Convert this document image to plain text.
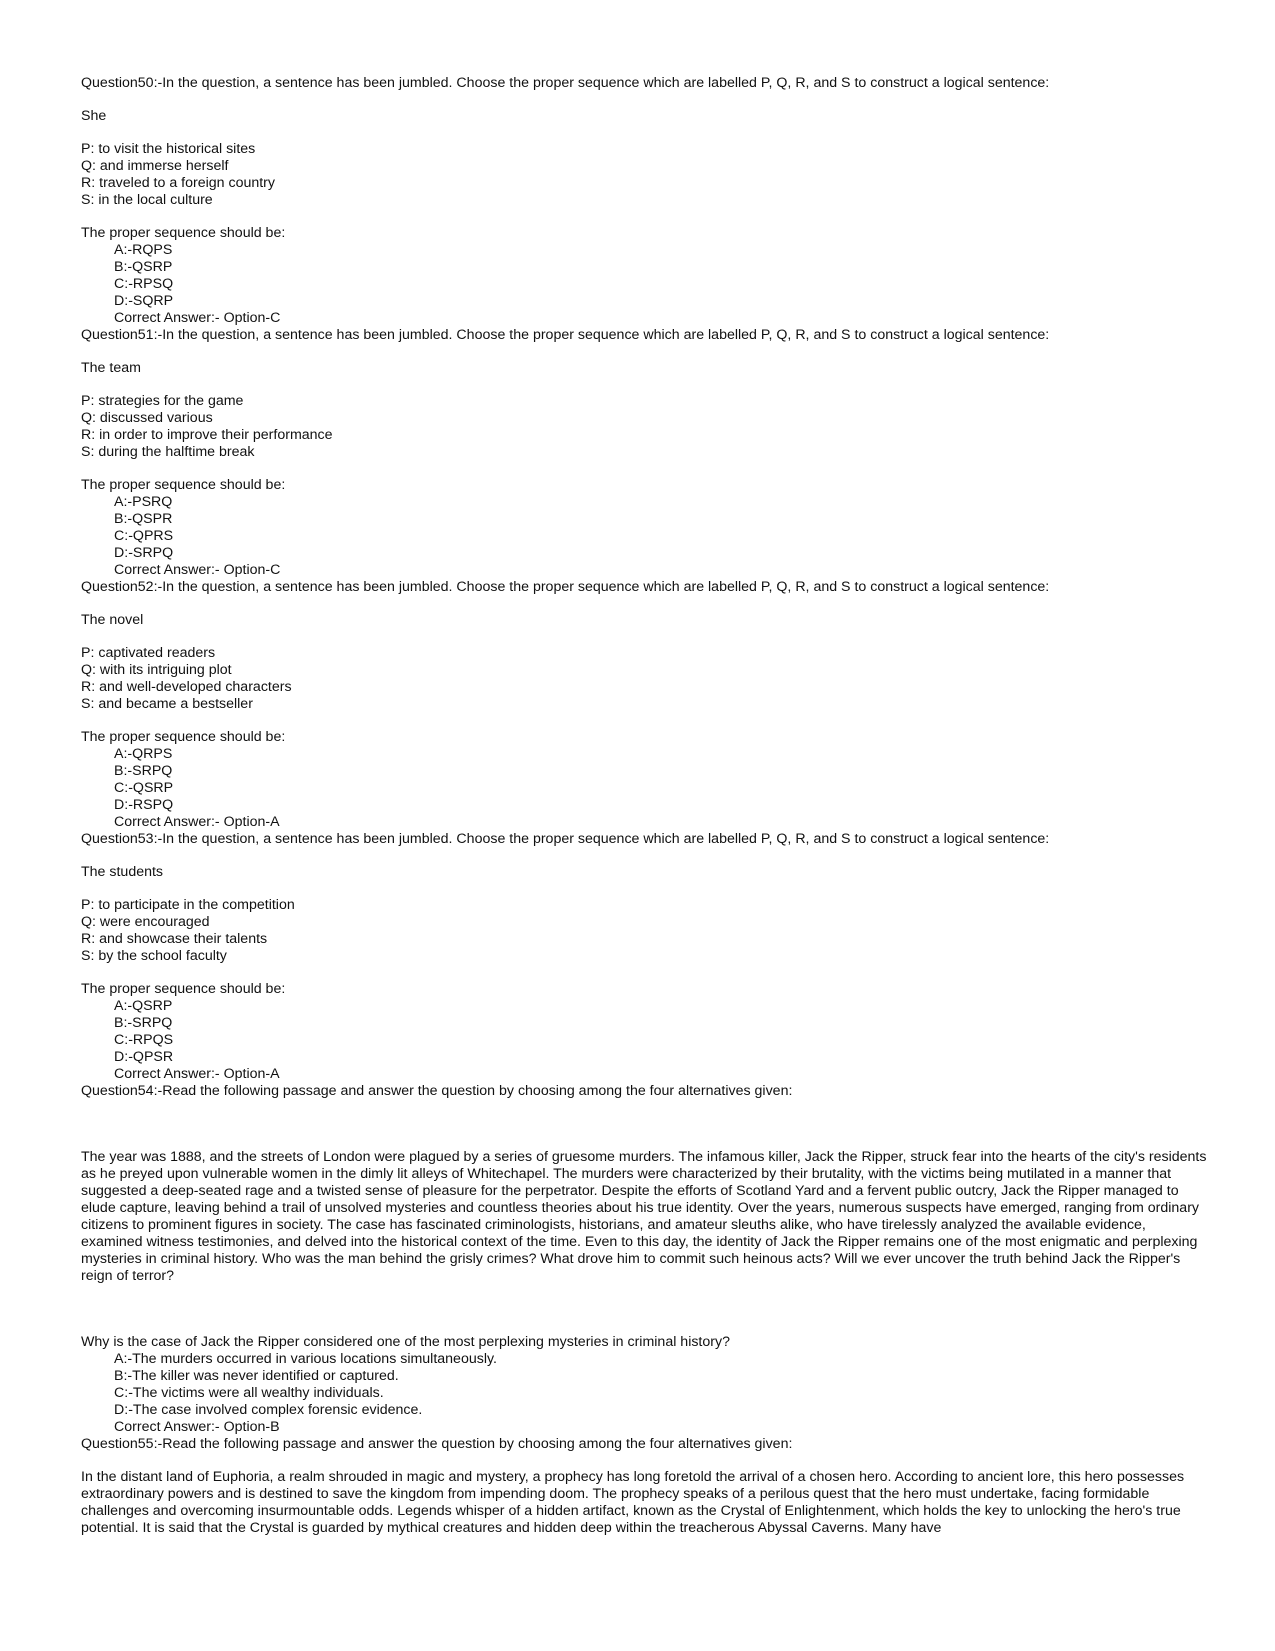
Question50:-In the question, a sentence has been jumbled. Choose the proper sequence which are labelled P, Q, R, and S to construct a logical sentence:
She
P: to visit the historical sites
Q: and immerse herself
R: traveled to a foreign country
S: in the local culture
The proper sequence should be:
A:-RQPS
B:-QSRP
C:-RPSQ
D:-SQRP
Correct Answer:- Option-C
Question51:-In the question, a sentence has been jumbled. Choose the proper sequence which are labelled P, Q, R, and S to construct a logical sentence:
The team
P: strategies for the game
Q: discussed various
R: in order to improve their performance
S: during the halftime break
The proper sequence should be:
A:-PSRQ
B:-QSPR
C:-QPRS
D:-SRPQ
Correct Answer:- Option-C
Question52:-In the question, a sentence has been jumbled. Choose the proper sequence which are labelled P, Q, R, and S to construct a logical sentence:
The novel
P: captivated readers
Q: with its intriguing plot
R: and well-developed characters
S: and became a bestseller
The proper sequence should be:
A:-QRPS
B:-SRPQ
C:-QSRP
D:-RSPQ
Correct Answer:- Option-A
Question53:-In the question, a sentence has been jumbled. Choose the proper sequence which are labelled P, Q, R, and S to construct a logical sentence:
The students
P: to participate in the competition
Q: were encouraged
R: and showcase their talents
S: by the school faculty
The proper sequence should be:
A:-QSRP
B:-SRPQ
C:-RPQS
D:-QPSR
Correct Answer:- Option-A
Question54:-Read the following passage and answer the question by choosing among the four alternatives given:
The year was 1888, and the streets of London were plagued by a series of gruesome murders. The infamous killer, Jack the Ripper, struck fear into the hearts of the city's residents as he preyed upon vulnerable women in the dimly lit alleys of Whitechapel. The murders were characterized by their brutality, with the victims being mutilated in a manner that suggested a deep-seated rage and a twisted sense of pleasure for the perpetrator. Despite the efforts of Scotland Yard and a fervent public outcry, Jack the Ripper managed to elude capture, leaving behind a trail of unsolved mysteries and countless theories about his true identity. Over the years, numerous suspects have emerged, ranging from ordinary citizens to prominent figures in society. The case has fascinated criminologists, historians, and amateur sleuths alike, who have tirelessly analyzed the available evidence, examined witness testimonies, and delved into the historical context of the time. Even to this day, the identity of Jack the Ripper remains one of the most enigmatic and perplexing mysteries in criminal history. Who was the man behind the grisly crimes? What drove him to commit such heinous acts? Will we ever uncover the truth behind Jack the Ripper's reign of terror?
Why is the case of Jack the Ripper considered one of the most perplexing mysteries in criminal history?
A:-The murders occurred in various locations simultaneously.
B:-The killer was never identified or captured.
C:-The victims were all wealthy individuals.
D:-The case involved complex forensic evidence.
Correct Answer:- Option-B
Question55:-Read the following passage and answer the question by choosing among the four alternatives given:
In the distant land of Euphoria, a realm shrouded in magic and mystery, a prophecy has long foretold the arrival of a chosen hero. According to ancient lore, this hero possesses extraordinary powers and is destined to save the kingdom from impending doom. The prophecy speaks of a perilous quest that the hero must undertake, facing formidable challenges and overcoming insurmountable odds. Legends whisper of a hidden artifact, known as the Crystal of Enlightenment, which holds the key to unlocking the hero's true potential. It is said that the Crystal is guarded by mythical creatures and hidden deep within the treacherous Abyssal Caverns. Many have
